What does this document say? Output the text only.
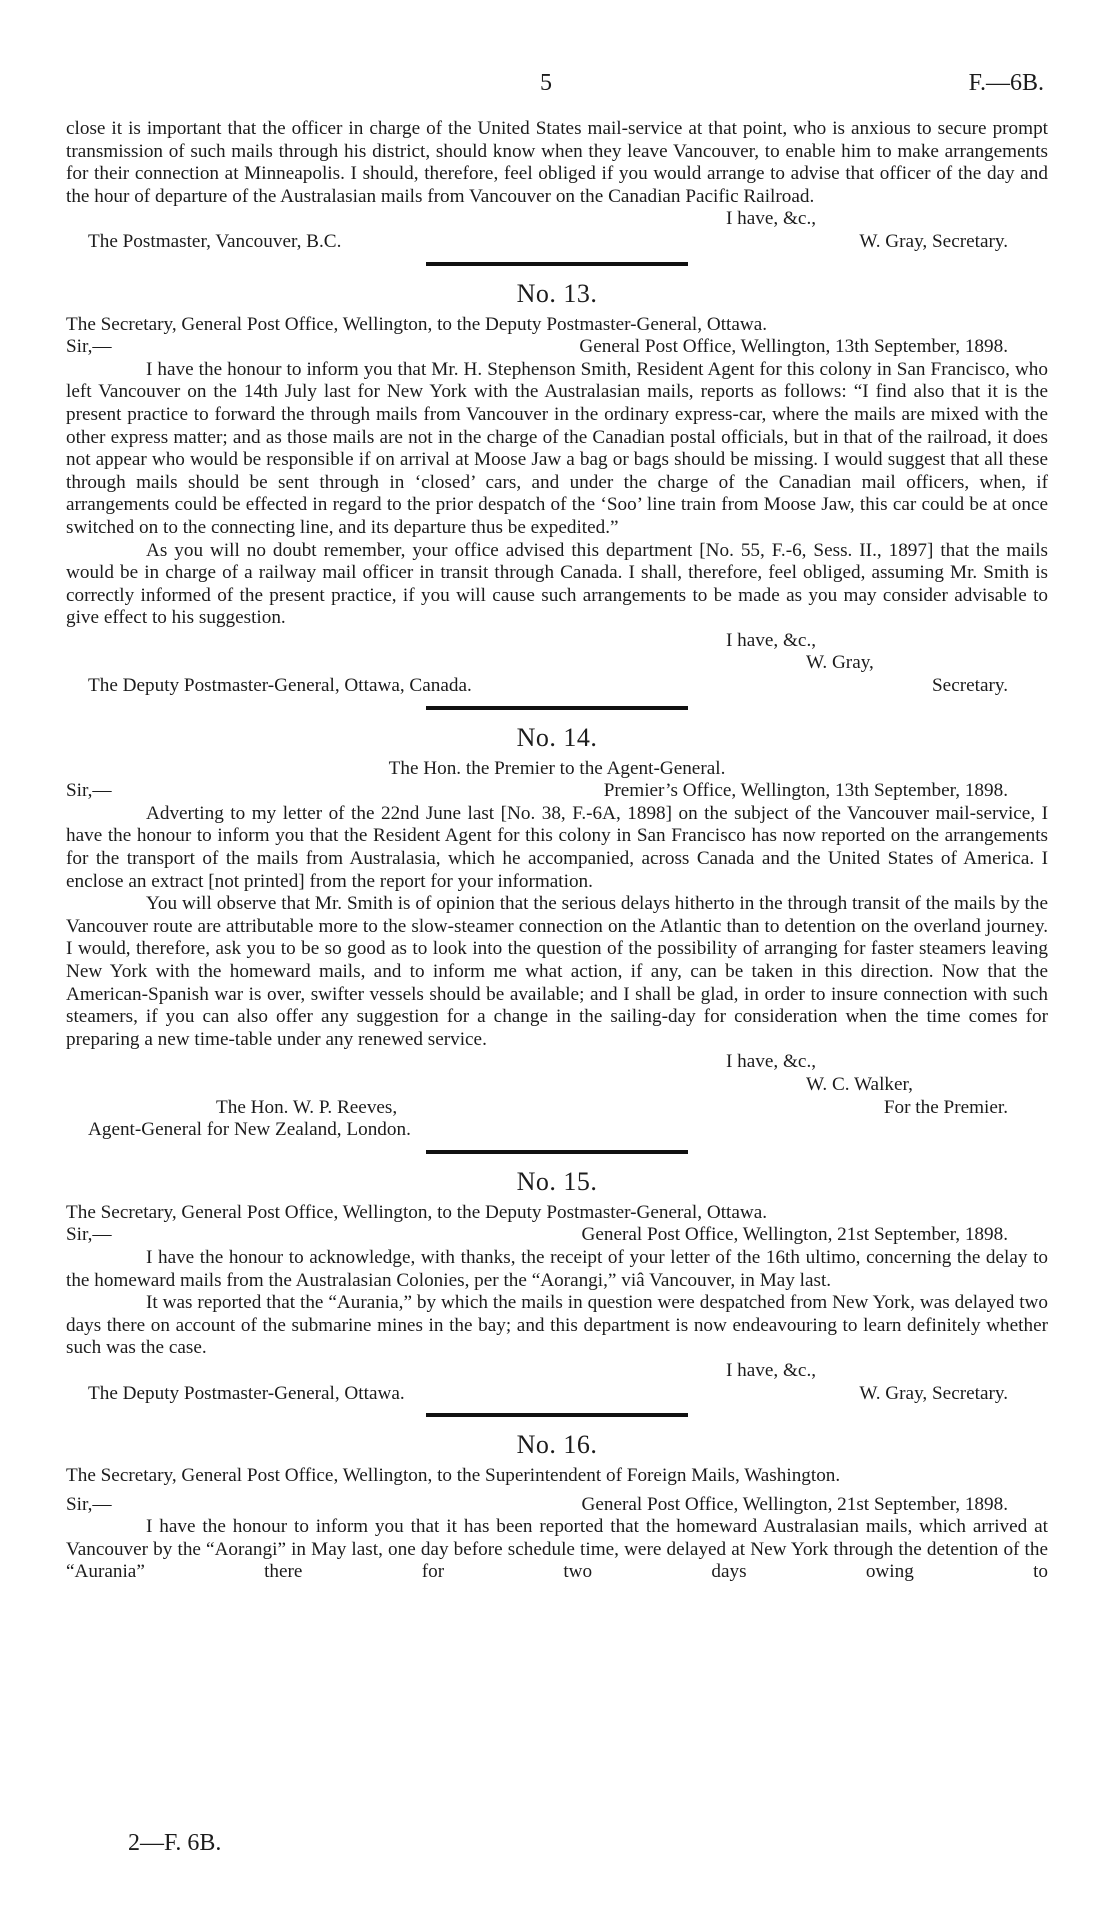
5	F.—6B.

close it is important that the officer in charge of the United States mail-service at that point, who is anxious to secure prompt transmission of such mails through his district, should know when they leave Vancouver, to enable him to make arrangements for their connection at Minneapolis. I should, therefore, feel obliged if you would arrange to advise that officer of the day and the hour of departure of the Australasian mails from Vancouver on the Canadian Pacific Railroad.

I have, &c.,

The Postmaster, Vancouver, B.C.	W. Gray, Secretary.

No. 13.

The Secretary, General Post Office, Wellington, to the Deputy Postmaster-General, Ottawa.

Sir,—	General Post Office, Wellington, 13th September, 1898.

I have the honour to inform you that Mr. H. Stephenson Smith, Resident Agent for this colony in San Francisco, who left Vancouver on the 14th July last for New York with the Australasian mails, reports as follows: “I find also that it is the present practice to forward the through mails from Vancouver in the ordinary express-car, where the mails are mixed with the other express matter; and as those mails are not in the charge of the Canadian postal officials, but in that of the railroad, it does not appear who would be responsible if on arrival at Moose Jaw a bag or bags should be missing. I would suggest that all these through mails should be sent through in ‘closed’ cars, and under the charge of the Canadian mail officers, when, if arrangements could be effected in regard to the prior despatch of the ‘Soo’ line train from Moose Jaw, this car could be at once switched on to the connecting line, and its departure thus be expedited.”

As you will no doubt remember, your office advised this department [No. 55, F.-6, Sess. II., 1897] that the mails would be in charge of a railway mail officer in transit through Canada. I shall, therefore, feel obliged, assuming Mr. Smith is correctly informed of the present practice, if you will cause such arrangements to be made as you may consider advisable to give effect to his suggestion.

I have, &c.,

W. Gray,

The Deputy Postmaster-General, Ottawa, Canada.	Secretary.

No. 14.

The Hon. the Premier to the Agent-General.

Sir,—	Premier’s Office, Wellington, 13th September, 1898.

Adverting to my letter of the 22nd June last [No. 38, F.-6A, 1898] on the subject of the Vancouver mail-service, I have the honour to inform you that the Resident Agent for this colony in San Francisco has now reported on the arrangements for the transport of the mails from Australasia, which he accompanied, across Canada and the United States of America. I enclose an extract [not printed] from the report for your information.

You will observe that Mr. Smith is of opinion that the serious delays hitherto in the through transit of the mails by the Vancouver route are attributable more to the slow-steamer connection on the Atlantic than to detention on the overland journey. I would, therefore, ask you to be so good as to look into the question of the possibility of arranging for faster steamers leaving New York with the homeward mails, and to inform me what action, if any, can be taken in this direction. Now that the American-Spanish war is over, swifter vessels should be available; and I shall be glad, in order to insure connection with such steamers, if you can also offer any suggestion for a change in the sailing-day for consideration when the time comes for preparing a new time-table under any renewed service.

I have, &c.,

W. C. Walker,

The Hon. W. P. Reeves,	For the Premier.

Agent-General for New Zealand, London.

No. 15.

The Secretary, General Post Office, Wellington, to the Deputy Postmaster-General, Ottawa.

Sir,—	General Post Office, Wellington, 21st September, 1898.

I have the honour to acknowledge, with thanks, the receipt of your letter of the 16th ultimo, concerning the delay to the homeward mails from the Australasian Colonies, per the “Aorangi,” viâ Vancouver, in May last.

It was reported that the “Aurania,” by which the mails in question were despatched from New York, was delayed two days there on account of the submarine mines in the bay; and this department is now endeavouring to learn definitely whether such was the case.

I have, &c.,

The Deputy Postmaster-General, Ottawa.	W. Gray, Secretary.

No. 16.

The Secretary, General Post Office, Wellington, to the Superintendent of Foreign Mails, Washington.

Sir,—	General Post Office, Wellington, 21st September, 1898.

I have the honour to inform you that it has been reported that the homeward Australasian mails, which arrived at Vancouver by the “Aorangi” in May last, one day before schedule time, were delayed at New York through the detention of the “Aurania” there for two days owing to

2—F. 6B.
